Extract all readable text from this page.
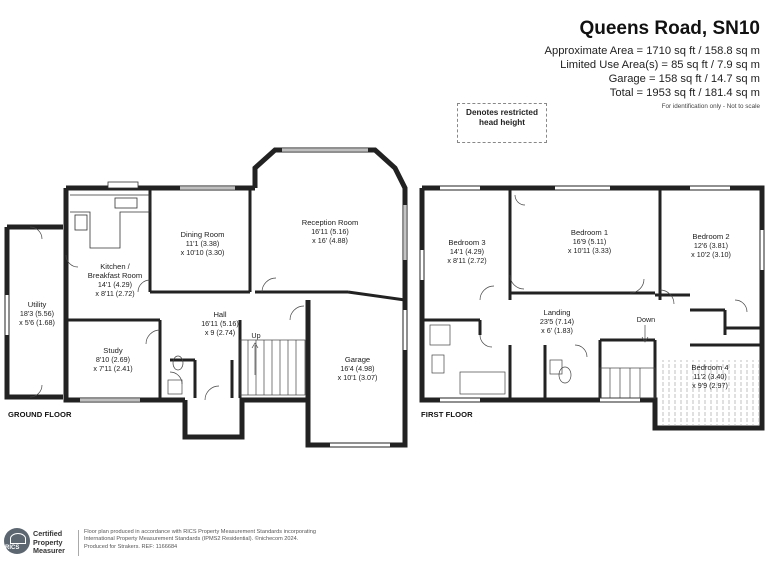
Queens Road, SN10
Approximate Area = 1710 sq ft / 158.8 sq m
Limited Use Area(s) = 85 sq ft / 7.9 sq m
Garage = 158 sq ft / 14.7 sq m
Total = 1953 sq ft / 181.4 sq m
For identification only - Not to scale
Denotes restricted head height
Utility
18'3 (5.56)
x 5'6 (1.68)
Kitchen /
Breakfast Room
14'1 (4.29)
x 8'11 (2.72)
Dining Room
11'1 (3.38)
x 10'10 (3.30)
Reception Room
16'11 (5.16)
x 16' (4.88)
Hall
16'11 (5.16)
x 9 (2.74)
Study
8'10 (2.69)
x 7'11 (2.41)
Garage
16'4 (4.98)
x 10'1 (3.07)
Up
GROUND FLOOR
Bedroom 3
14'1 (4.29)
x 8'11 (2.72)
Bedroom 1
16'9 (5.11)
x 10'11 (3.33)
Bedroom 2
12'6 (3.81)
x 10'2 (3.10)
Landing
23'5 (7.14)
x 6' (1.83)
Bedroom 4
11'2 (3.40)
x 9'9 (2.97)
Down
FIRST FLOOR
RICS
Certified
Property
Measurer
Floor plan produced in accordance with RICS Property Measurement Standards incorporating
International Property Measurement Standards (IPMS2 Residential). ©nichecom 2024.
Produced for Strakers. REF: 1166684
